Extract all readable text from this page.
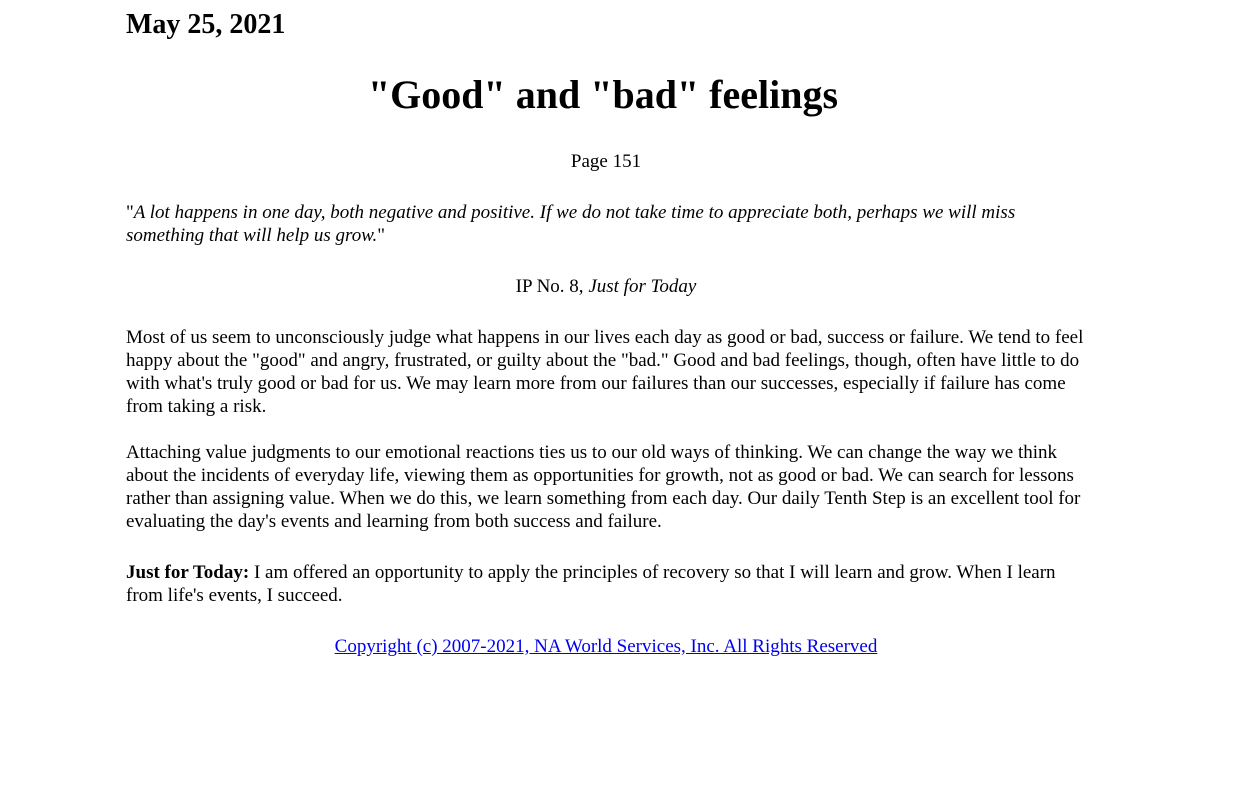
May 25, 2021
"Good" and "bad" feelings

Page 151

"A lot happens in one day, both negative and positive. If we do not take time to appreciate both, perhaps we will miss something that will help us grow."

IP No. 8, Just for Today

Most of us seem to unconsciously judge what happens in our lives each day as good or bad, success or failure. We tend to feel happy about the "good" and angry, frustrated, or guilty about the "bad." Good and bad feelings, though, often have little to do with what's truly good or bad for us. We may learn more from our failures than our successes, especially if failure has come from taking a risk.

Attaching value judgments to our emotional reactions ties us to our old ways of thinking. We can change the way we think about the incidents of everyday life, viewing them as opportunities for growth, not as good or bad. We can search for lessons rather than assigning value. When we do this, we learn something from each day. Our daily Tenth Step is an excellent tool for evaluating the day's events and learning from both success and failure.

Just for Today: I am offered an opportunity to apply the principles of recovery so that I will learn and grow. When I learn from life's events, I succeed.

Copyright (c) 2007-2021, NA World Services, Inc. All Rights Reserved
